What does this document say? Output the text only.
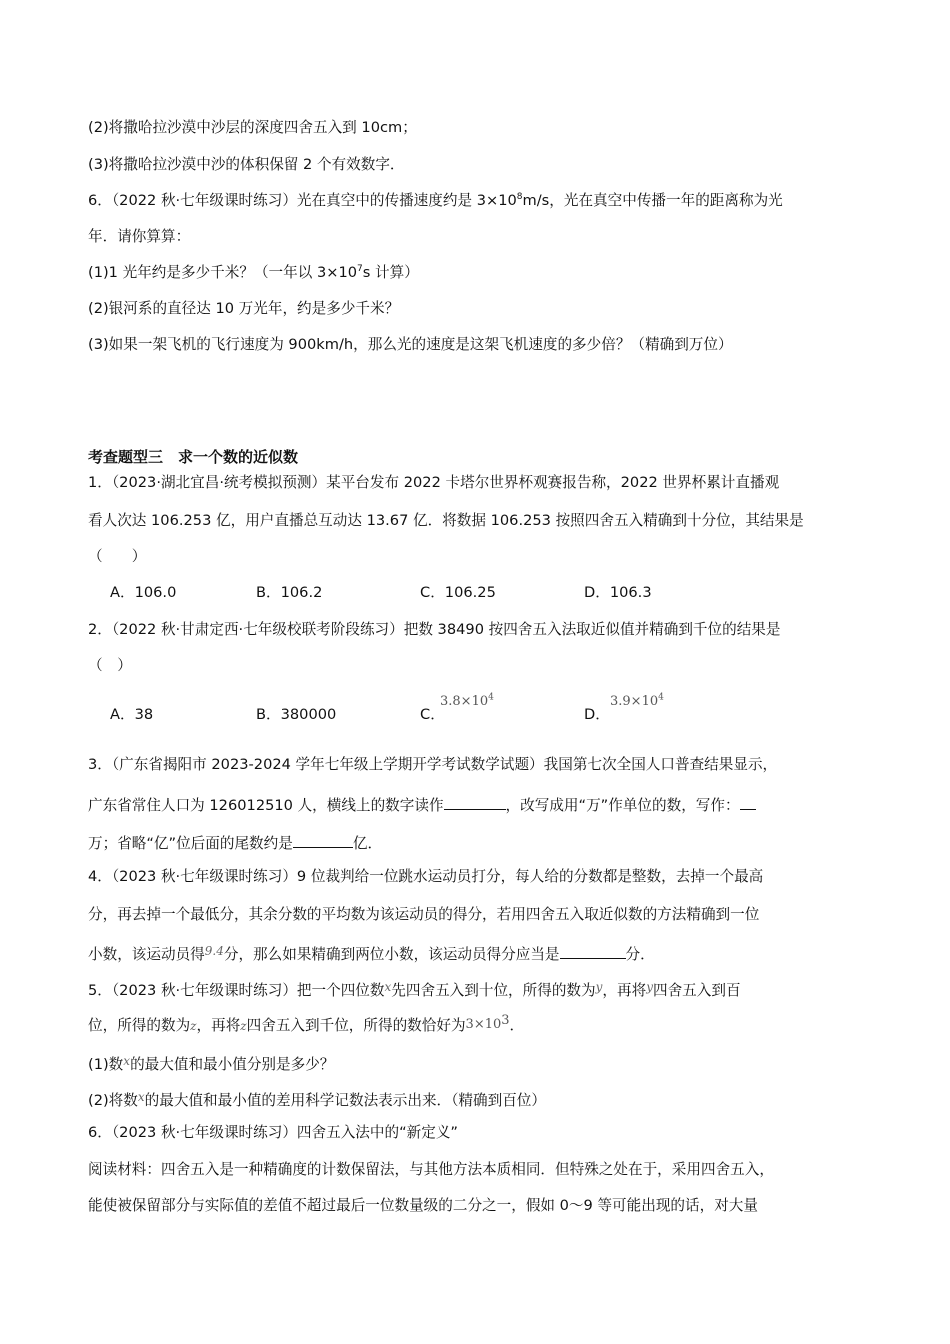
(2)将撒哈拉沙漠中沙层的深度四舍五入到 10cm；
(3)将撒哈拉沙漠中沙的体积保留 2 个有效数字．
6．（2022 秋·七年级课时练习）光在真空中的传播速度约是 $3\times 10^8m/s$，光在真空中传播一年的距离称为光
年．请你算算：
(1)1 光年约是多少千米？（一年以 $3\times 10^7s$ 计算）
(2)银河系的直径达 10 万光年，约是多少千米？
(3)如果一架飞机的飞行速度为 900km/h，那么光的速度是这架飞机速度的多少倍？（精确到万位）
考查题型三　求一个数的近似数
1．（2023·湖北宜昌·统考模拟预测）某平台发布 2022 卡塔尔世界杯观赛报告称，2022 世界杯累计直播观
看人次达 106.253 亿，用户直播总互动达 13.67 亿．将数据 106.253 按照四舍五入精确到十分位，其结果是
（　　）
A．106.0	B．106.2	C．106.25	D．106.3
2．（2022 秋·甘肃定西·七年级校联考阶段练习）把数 38490 按四舍五入法取近似值并精确到千位的结果是
（　）
A．38	B．380000	C．
$3.8\times 10^4$
D．
$3.9\times 10^4$
3．（广东省揭阳市 2023-2024 学年七年级上学期开学考试数学试题）我国第七次全国人口普查结果显示，
广东省常住人口为 126012510 人，横线上的数字读作	，改写成用“万”作单位的数，写作：
万；省略“亿”位后面的尾数约是	亿．
4．（2023 秋·七年级课时练习）9 位裁判给一位跳水运动员打分，每人给的分数都是整数，去掉一个最高
分，再去掉一个最低分，其余分数的平均数为该运动员的得分，若用四舍五入取近似数的方法精确到一位
小数，该运动员得$^{9.4}$分，那么如果精确到两位小数，该运动员得分应当是	分．
5．（2023 秋·七年级课时练习）把一个四位数$^x$先四舍五入到十位，所得的数为$^y$，再将$^y$四舍五入到百
位，所得的数为z，再将z四舍五入到千位，所得的数恰好为$3\times 10^3$．
(1)数$^x$的最大值和最小值分别是多少？
(2)将数$^x$的最大值和最小值的差用科学记数法表示出来．（精确到百位）
6．（2023 秋·七年级课时练习）四舍五入法中的“新定义”
阅读材料：四舍五入是一种精确度的计数保留法，与其他方法本质相同．但特殊之处在于，采用四舍五入，
能使被保留部分与实际值的差值不超过最后一位数量级的二分之一，假如 0～9 等可能出现的话，对大量
